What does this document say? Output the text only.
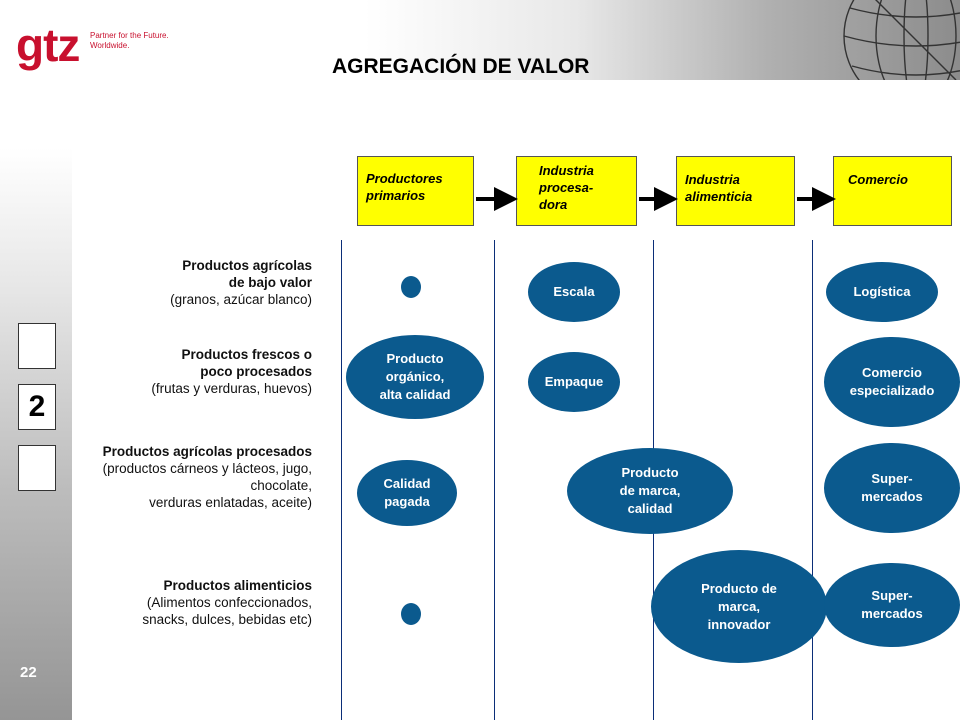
gtz Partner for the Future.
Worldwide.
AGREGACIÓN DE VALOR
2
22
Productores
primarios
Industria
procesa-
dora
Industria
alimenticia
Comercio
Productos agrícolas
de bajo valor
(granos, azúcar blanco)
Productos frescos o
poco procesados
(frutas y verduras, huevos)
Productos agrícolas procesados
(productos cárneos y lácteos, jugo,
chocolate,
verduras enlatadas, aceite)
Productos alimenticios
(Alimentos confeccionados,
snacks, dulces, bebidas etc)
Escala	Logística
Producto
orgánico,
alta calidad
Empaque
Comercio
especializado
Calidad
pagada
Producto
de marca,
calidad
Super-
mercados
Producto de
marca,
innovador
Super-
mercados
